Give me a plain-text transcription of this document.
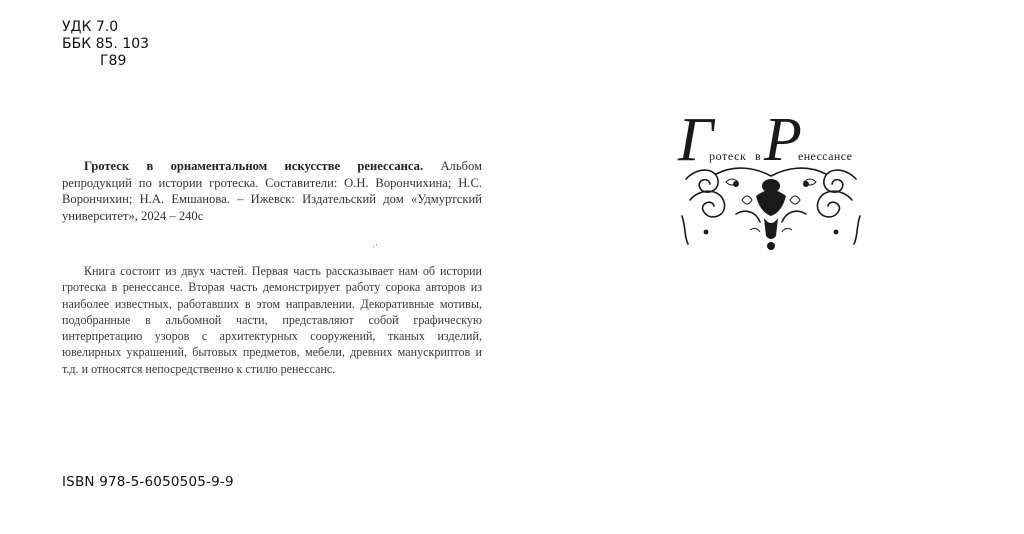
УДК 7.0
ББК 85. 103
Г89

Гротеск в орнаментальном искусстве ренессанса. Альбом репродукций по истории гротеска. Составители: О.Н. Ворончихина; Н.С. Ворончихин; Н.А. Емшанова. – Ижевск: Издательский дом «Удмуртский университет», 2024 – 240с

Книга состоит из двух частей. Первая часть рассказывает нам об истории гротеска в ренессансе. Вторая часть демонстрирует работу сорока авторов из наиболее известных, работавших в этом направлении. Декоративные мотивы, подобранные в альбомной части, представляют собой графическую интерпретацию узоров с архитектурных сооружений, тканых изделий, ювелирных украшений, бытовых предметов, мебели, древних манускриптов и т.д. и относятся непосредственно к стилю ренессанс.

ISBN 978-5-6050505-9-9
Г
ротеск в Р
енессансе
